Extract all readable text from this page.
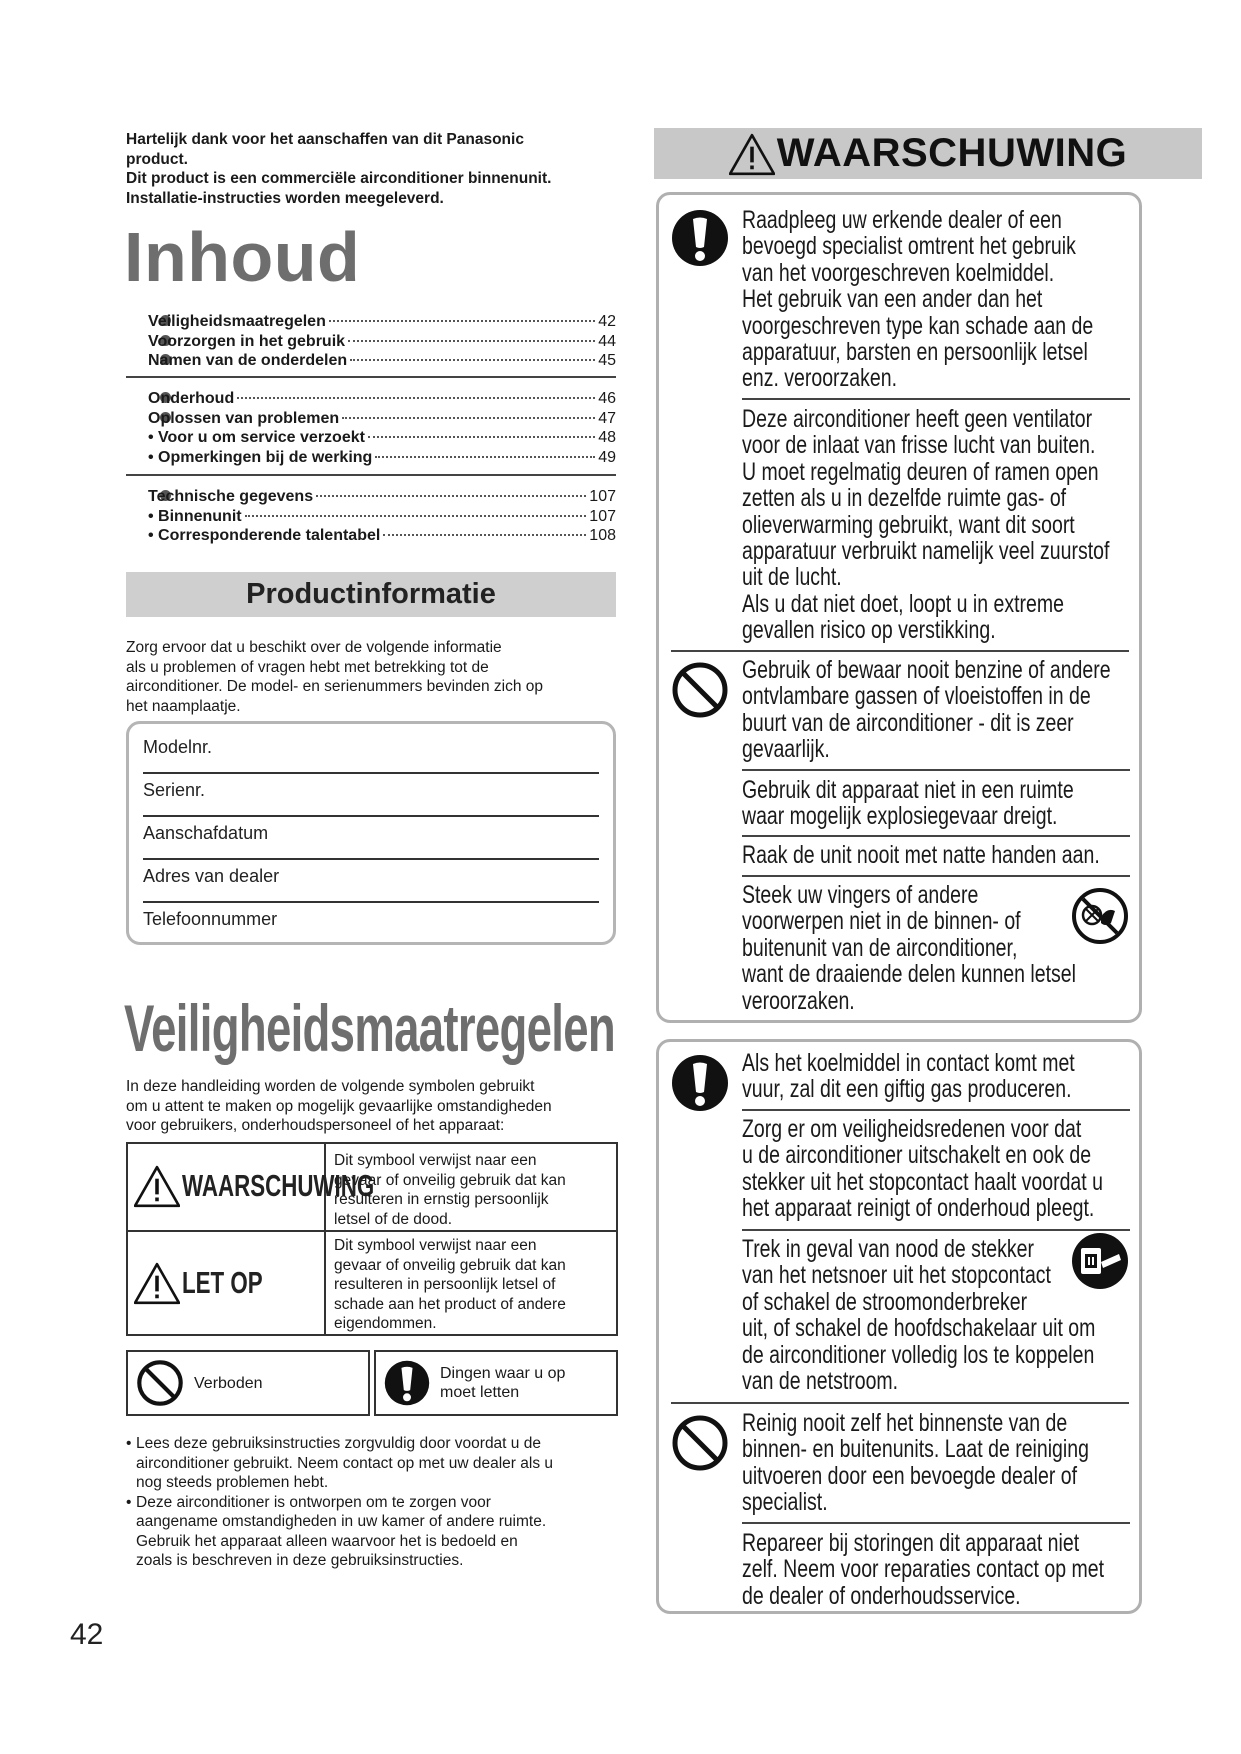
Hartelijk dank voor het aanschaffen van dit Panasonic
product.
Dit product is een commerciële airconditioner binnenunit.
Installatie-instructies worden meegeleverd.
Inhoud
Veiligheidsmaatregelen	42
Voorzorgen in het gebruik	44
Namen van de onderdelen	45
Onderhoud	46
Oplossen van problemen	47
• Voor u om service verzoekt	48
• Opmerkingen bij de werking	49
Technische gegevens	107
• Binnenunit	107
• Corresponderende talentabel	108
Productinformatie
Zorg ervoor dat u beschikt over de volgende informatie
als u problemen of vragen hebt met betrekking tot de
airconditioner. De model- en serienummers bevinden zich op
het naamplaatje.
Modelnr.
Serienr.
Aanschafdatum
Adres van dealer
Telefoonnummer
Veiligheidsmaatregelen
In deze handleiding worden de volgende symbolen gebruikt
om u attent te maken op mogelijk gevaarlijke omstandigheden
voor gebruikers, onderhoudspersoneel of het apparaat:
WAARSCHUWING
Dit symbool verwijst naar een
gevaar of onveilig gebruik dat kan
resulteren in ernstig persoonlijk
letsel of de dood.
LET OP
Dit symbool verwijst naar een
gevaar of onveilig gebruik dat kan
resulteren in persoonlijk letsel of
schade aan het product of andere
eigendommen.
Verboden
Dingen waar u op
moet letten
• Lees deze gebruiksinstructies zorgvuldig door voordat u de
airconditioner gebruikt. Neem contact op met uw dealer als u
nog steeds problemen hebt.
• Deze airconditioner is ontworpen om te zorgen voor
aangename omstandigheden in uw kamer of andere ruimte.
Gebruik het apparaat alleen waarvoor het is bedoeld en
zoals is beschreven in deze gebruiksinstructies.
42
WAARSCHUWING
Raadpleeg uw erkende dealer of een
bevoegd specialist omtrent het gebruik
van het voorgeschreven koelmiddel.
Het gebruik van een ander dan het
voorgeschreven type kan schade aan de
apparatuur, barsten en persoonlijk letsel
enz. veroorzaken.
Deze airconditioner heeft geen ventilator
voor de inlaat van frisse lucht van buiten.
U moet regelmatig deuren of ramen open
zetten als u in dezelfde ruimte gas- of
olieverwarming gebruikt, want dit soort
apparatuur verbruikt namelijk veel zuurstof
uit de lucht.
Als u dat niet doet, loopt u in extreme
gevallen risico op verstikking.
Gebruik of bewaar nooit benzine of andere
ontvlambare gassen of vloeistoffen in de
buurt van de airconditioner - dit is zeer
gevaarlijk.
Gebruik dit apparaat niet in een ruimte
waar mogelijk explosiegevaar dreigt.
Raak de unit nooit met natte handen aan.
Steek uw vingers of andere
voorwerpen niet in de binnen- of
buitenunit van de airconditioner,
want de draaiende delen kunnen letsel
veroorzaken.
Als het koelmiddel in contact komt met
vuur, zal dit een giftig gas produceren.
Zorg er om veiligheidsredenen voor dat
u de airconditioner uitschakelt en ook de
stekker uit het stopcontact haalt voordat u
het apparaat reinigt of onderhoud pleegt.
Trek in geval van nood de stekker
van het netsnoer uit het stopcontact
of schakel de stroomonderbreker
uit, of schakel de hoofdschakelaar uit om
de airconditioner volledig los te koppelen
van de netstroom.
Reinig nooit zelf het binnenste van de
binnen- en buitenunits. Laat de reiniging
uitvoeren door een bevoegde dealer of
specialist.
Repareer bij storingen dit apparaat niet
zelf. Neem voor reparaties contact op met
de dealer of onderhoudsservice.
